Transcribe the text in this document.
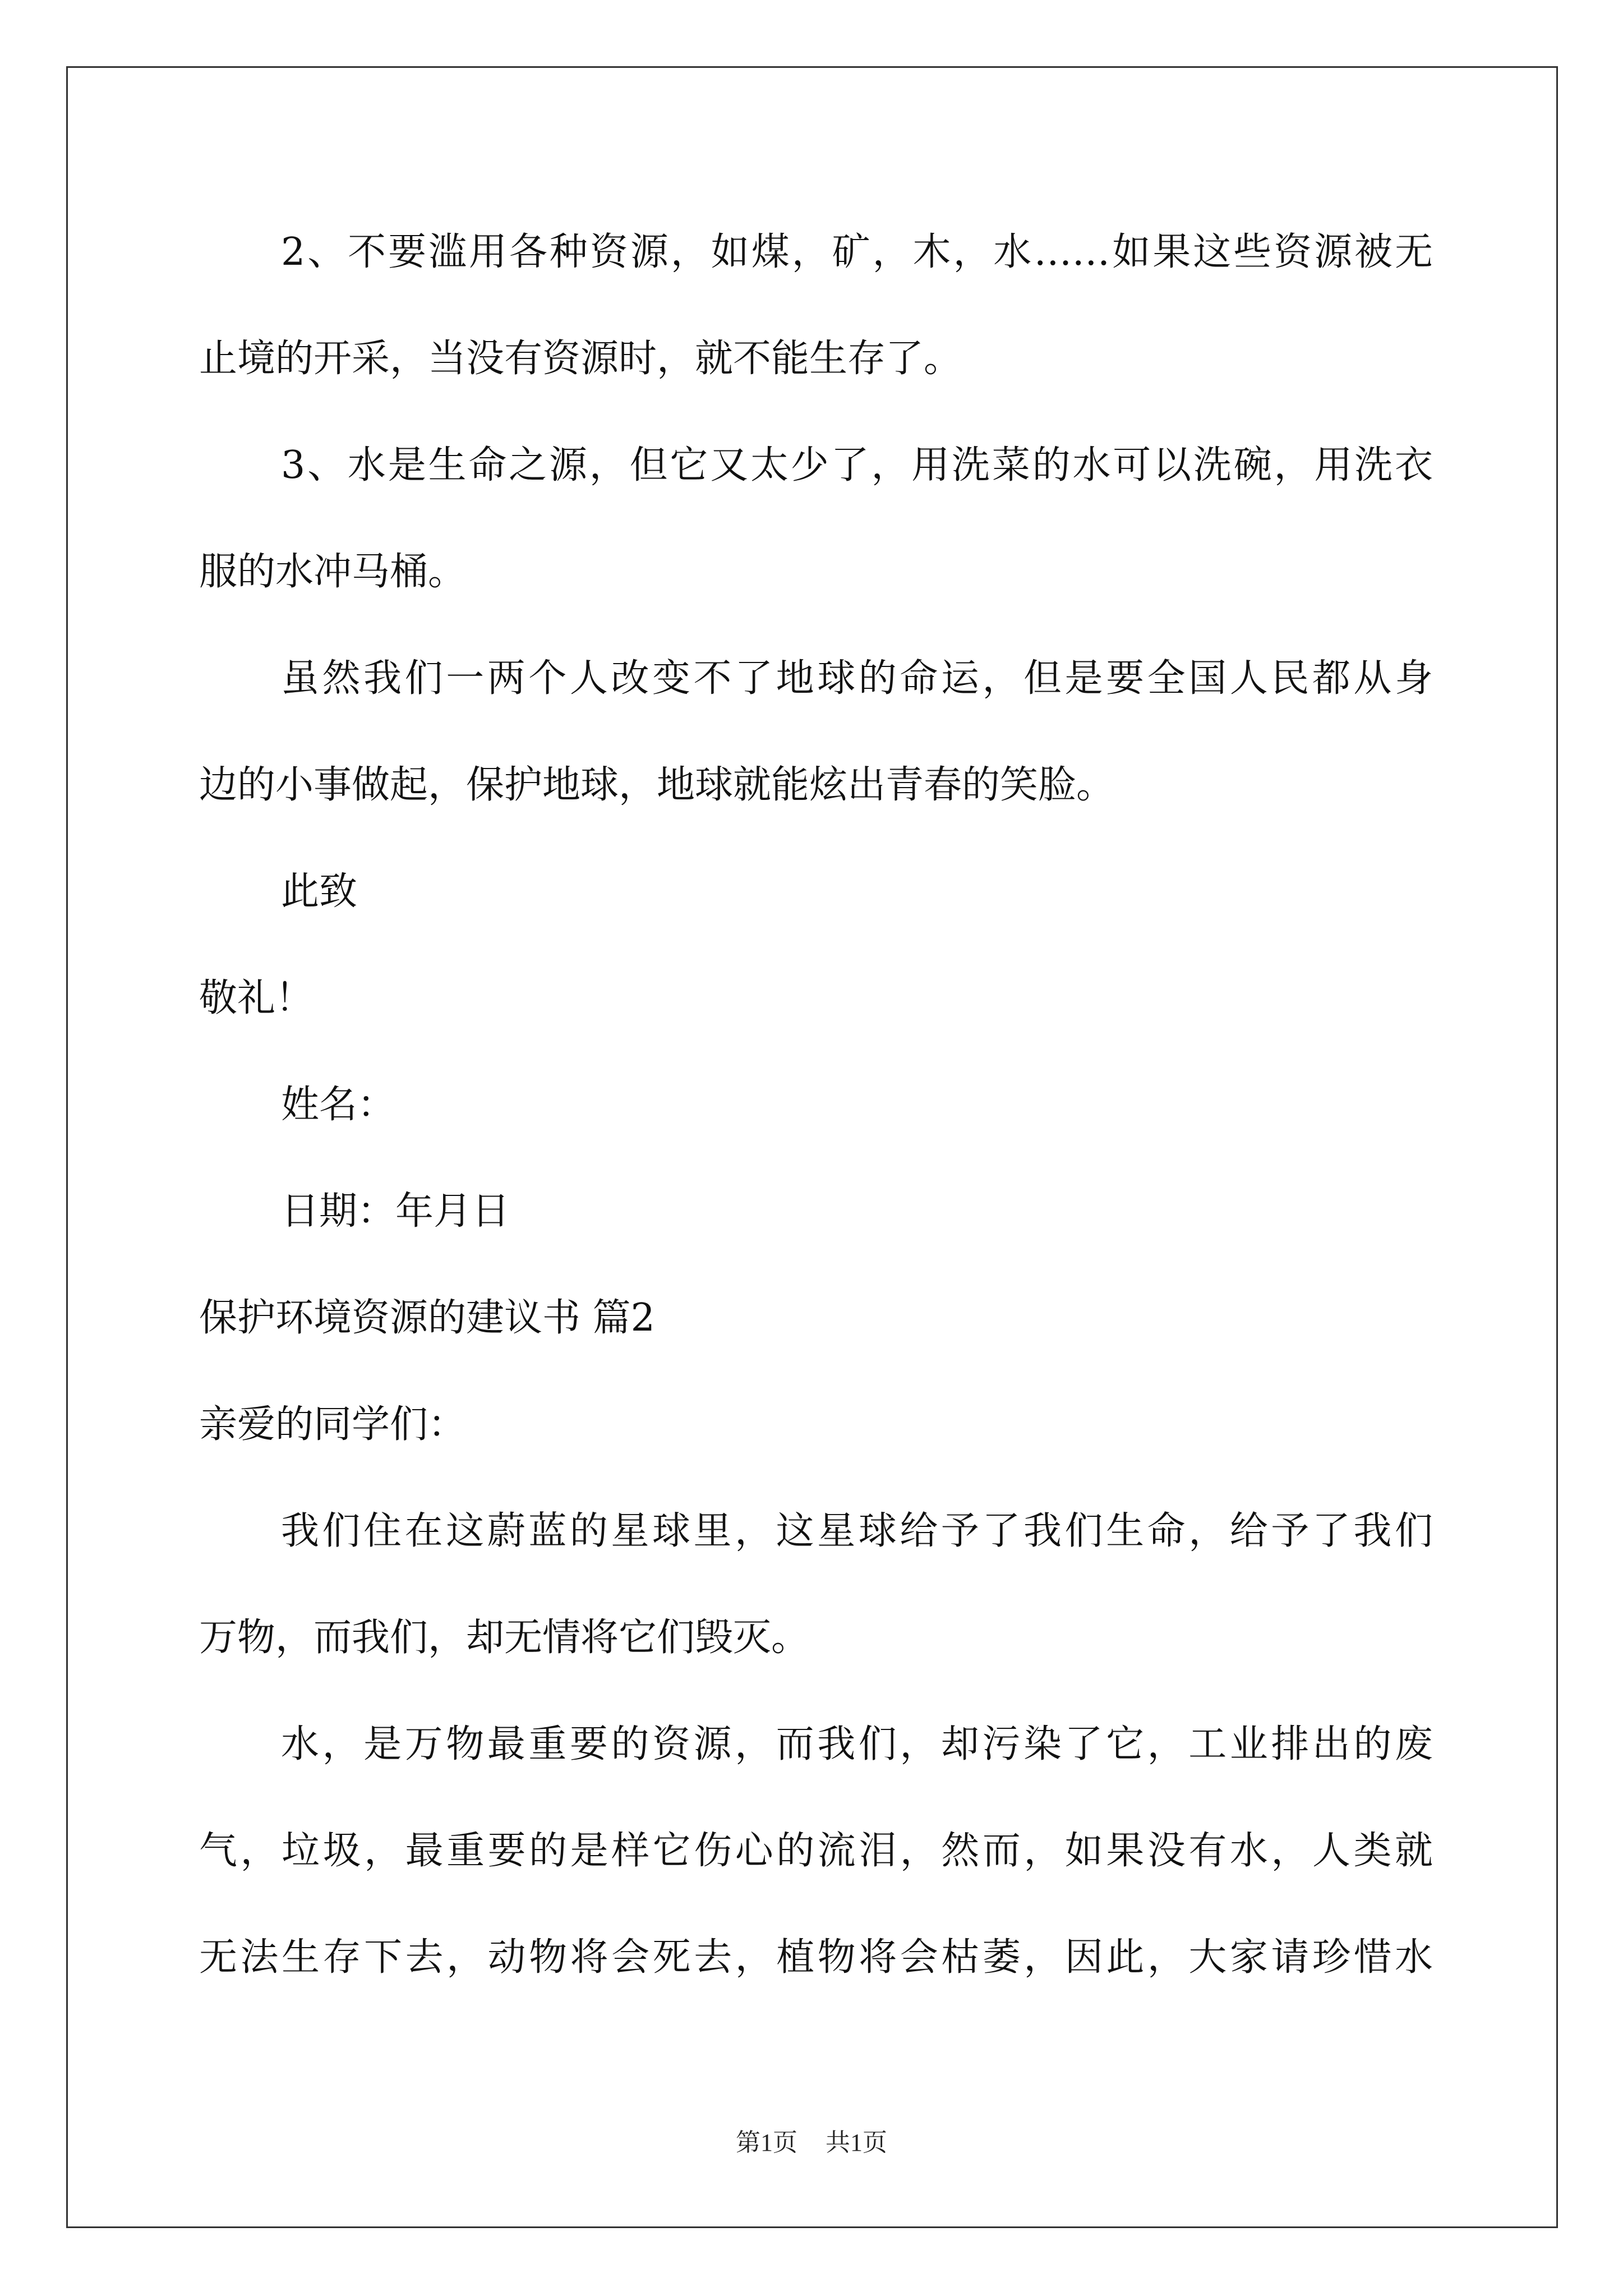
2、不要滥用各种资源，如煤，矿，木，水……如果这些资源被无
止境的开采，当没有资源时，就不能生存了。
3、水是生命之源，但它又太少了，用洗菜的水可以洗碗，用洗衣
服的水冲马桶。
虽然我们一两个人改变不了地球的命运，但是要全国人民都从身
边的小事做起，保护地球，地球就能炫出青春的笑脸。
此致
敬礼！
姓名：
日期：年月日
保护环境资源的建议书 篇2
亲爱的同学们：
我们住在这蔚蓝的星球里，这星球给予了我们生命，给予了我们
万物，而我们，却无情将它们毁灭。
水，是万物最重要的资源，而我们，却污染了它，工业排出的废
气，垃圾，最重要的是样它伤心的流泪，然而，如果没有水，人类就
无法生存下去，动物将会死去，植物将会枯萎，因此，大家请珍惜水
第1页 共1页
